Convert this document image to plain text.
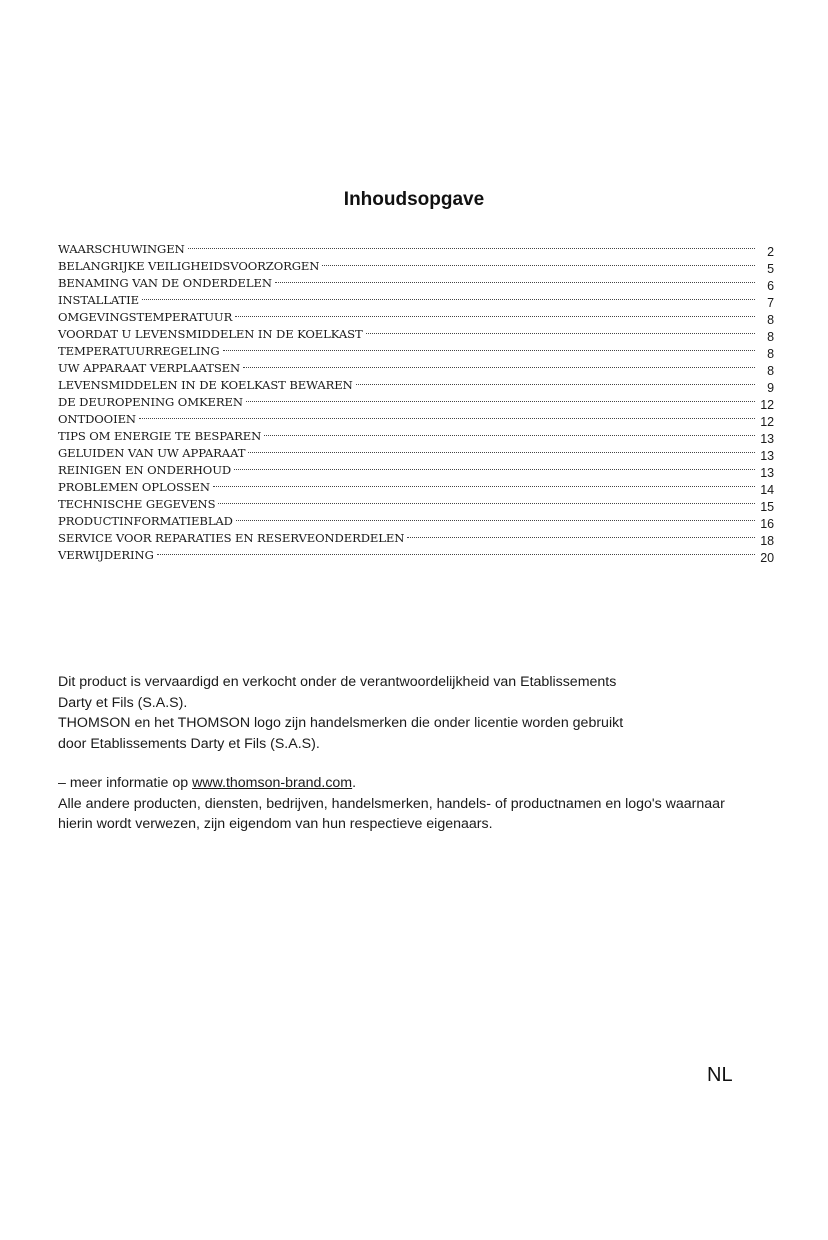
Inhoudsopgave
WAARSCHUWINGEN	2
BELANGRIJKE VEILIGHEIDSVOORZORGEN	5
BENAMING VAN DE ONDERDELEN	6
INSTALLATIE	7
OMGEVINGSTEMPERATUUR	8
VOORDAT U LEVENSMIDDELEN IN DE KOELKAST	8
TEMPERATUURREGELING	8
UW APPARAAT VERPLAATSEN	8
LEVENSMIDDELEN IN DE KOELKAST BEWAREN	9
DE DEUROPENING OMKEREN	12
ONTDOOIEN	12
TIPS OM ENERGIE TE BESPAREN	13
GELUIDEN VAN UW APPARAAT	13
REINIGEN EN ONDERHOUD	13
PROBLEMEN OPLOSSEN	14
TECHNISCHE GEGEVENS	15
PRODUCTINFORMATIEBLAD	16
SERVICE VOOR REPARATIES EN RESERVEONDERDELEN	18
VERWIJDERING	20

Dit product is vervaardigd en verkocht onder de verantwoordelijkheid van Etablissements

Darty et Fils (S.A.S).

THOMSON en het THOMSON logo zijn handelsmerken die onder licentie worden gebruikt

door Etablissements Darty et Fils (S.A.S).

– meer informatie op www.thomson-brand.com.

Alle andere producten, diensten, bedrijven, handelsmerken, handels- of productnamen en logo's waarnaar

hierin wordt verwezen, zijn eigendom van hun respectieve eigenaars.

NL
